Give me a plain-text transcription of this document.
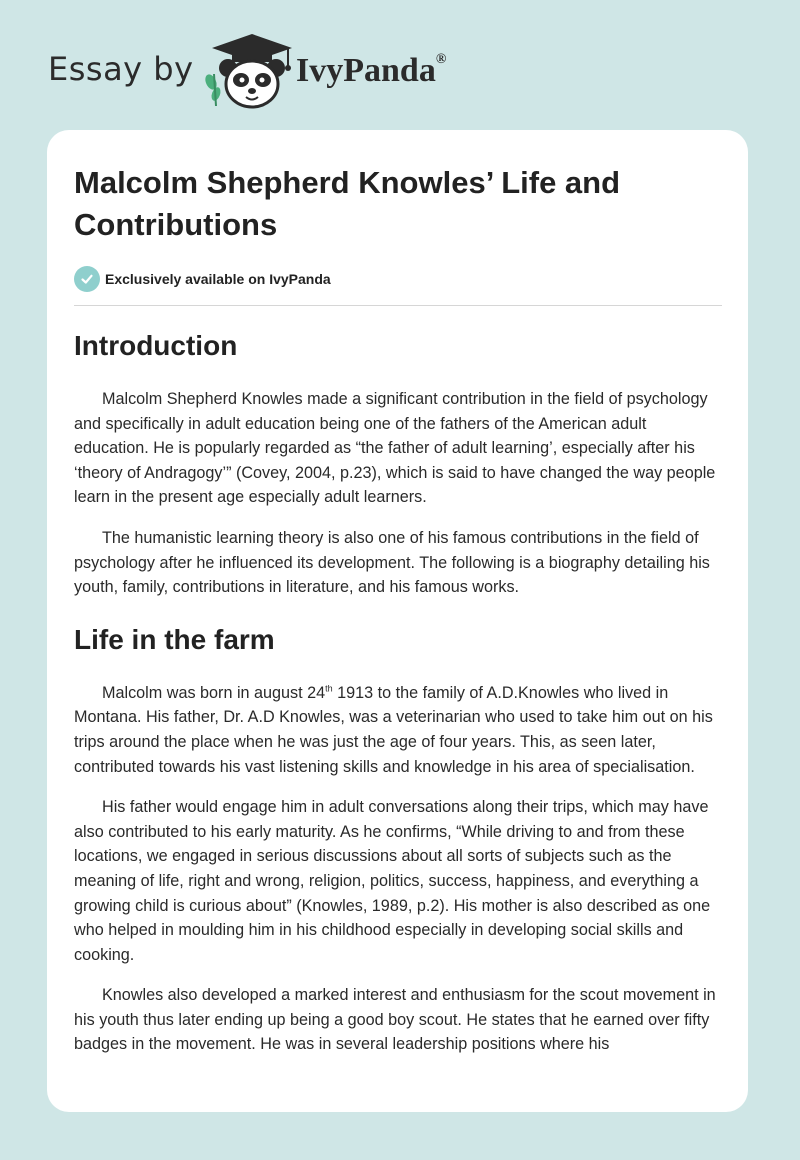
Essay by	IvyPanda®
Malcolm Shepherd Knowles’ Life and Contributions
Exclusively available on IvyPanda
Introduction

Malcolm Shepherd Knowles made a significant contribution in the field of psychology and specifically in adult education being one of the fathers of the American adult education. He is popularly regarded as “the father of adult learning’, especially after his ‘theory of Andragogy’” (Covey, 2004, p.23), which is said to have changed the way people learn in the present age especially adult learners.

The humanistic learning theory is also one of his famous contributions in the field of psychology after he influenced its development. The following is a biography detailing his youth, family, contributions in literature, and his famous works.

Life in the farm

Malcolm was born in august 24th 1913 to the family of A.D.Knowles who lived in Montana. His father, Dr. A.D Knowles, was a veterinarian who used to take him out on his trips around the place when he was just the age of four years. This, as seen later, contributed towards his vast listening skills and knowledge in his area of specialisation.

His father would engage him in adult conversations along their trips, which may have also contributed to his early maturity. As he confirms, “While driving to and from these locations, we engaged in serious discussions about all sorts of subjects such as the meaning of life, right and wrong, religion, politics, success, happiness, and everything a growing child is curious about” (Knowles, 1989, p.2). His mother is also described as one who helped in moulding him in his childhood especially in developing social skills and cooking.

Knowles also developed a marked interest and enthusiasm for the scout movement in his youth thus later ending up being a good boy scout. He states that he earned over fifty badges in the movement. He was in several leadership positions where his
